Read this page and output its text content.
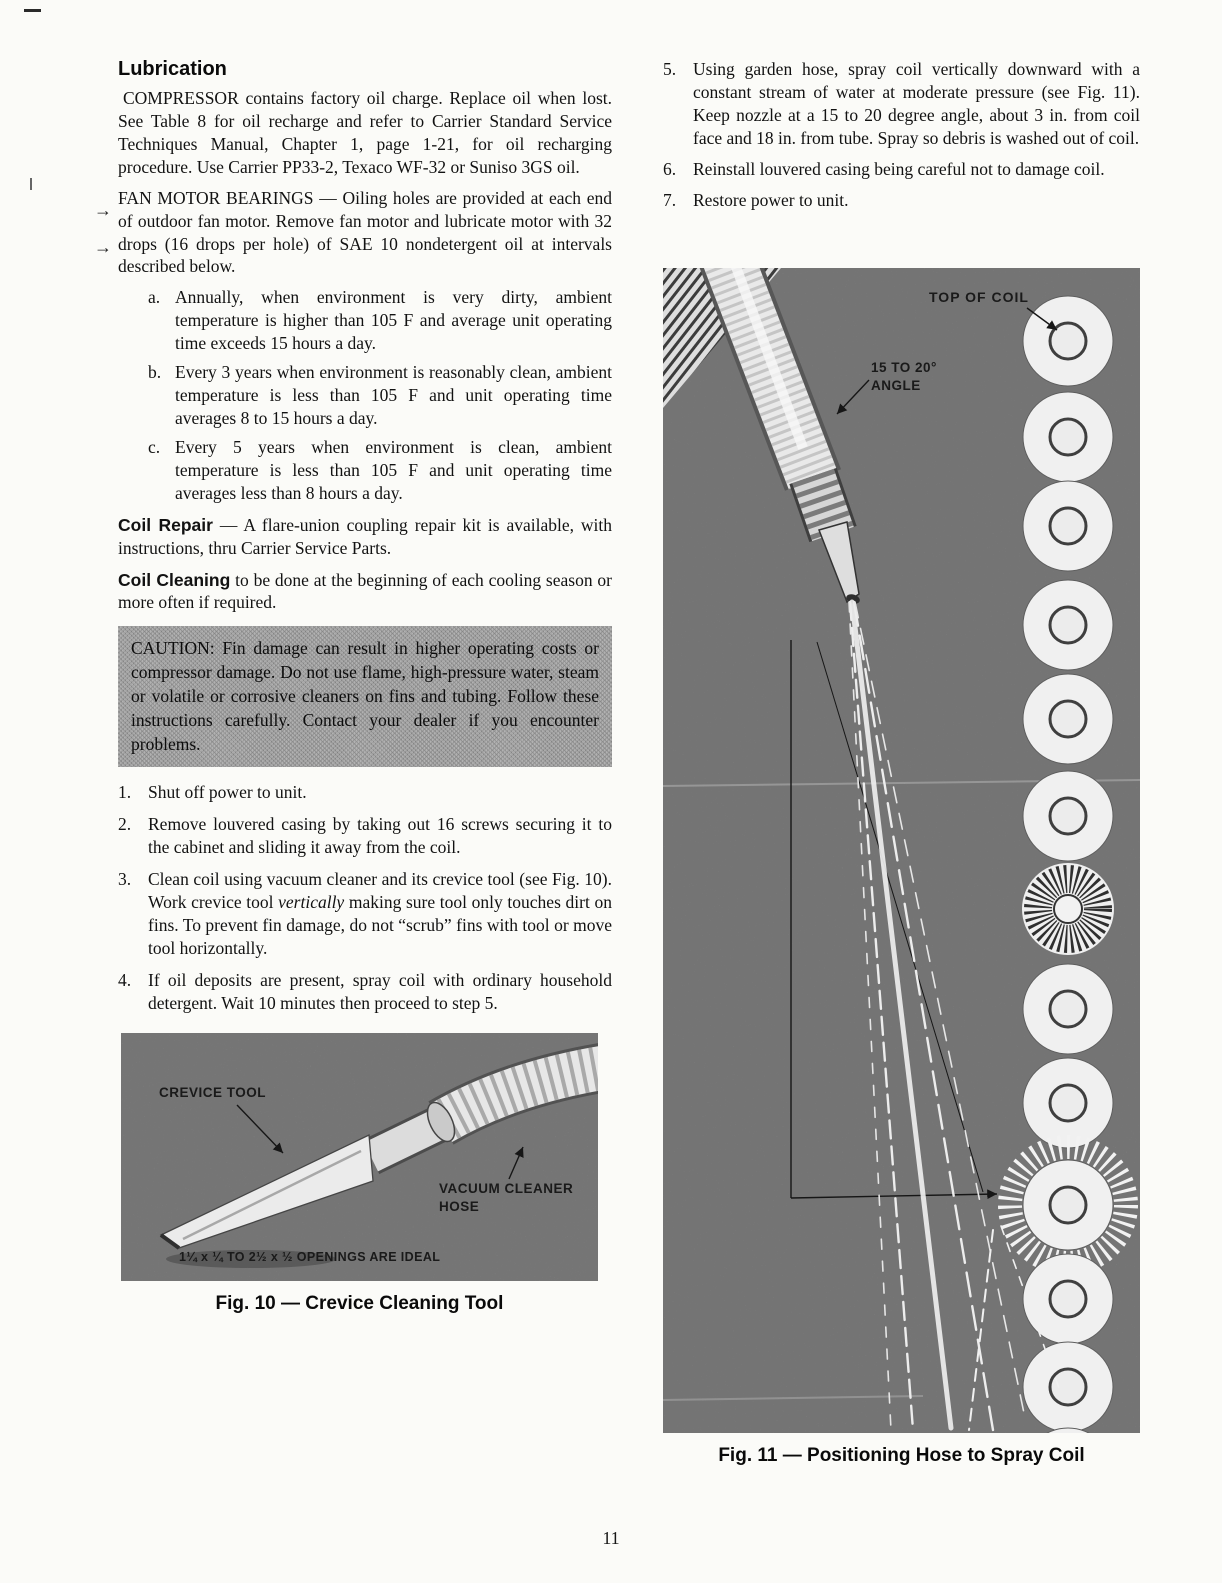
→
→
Lubrication

COMPRESSOR contains factory oil charge. Replace oil when lost. See Table 8 for oil recharge and refer to Carrier Standard Service Techniques Manual, Chapter 1, page 1-21, for oil recharging procedure. Use Carrier PP33-2, Texaco WF-32 or Suniso 3GS oil.

FAN MOTOR BEARINGS — Oiling holes are provided at each end of outdoor fan motor. Remove fan motor and lubricate motor with 32 drops (16 drops per hole) of SAE 10 nondetergent oil at intervals described below.

a. Annually, when environment is very dirty, ambient temperature is higher than 105 F and average unit operating time exceeds 15 hours a day.
b. Every 3 years when environment is reasonably clean, ambient temperature is less than 105 F and unit operating time averages 8 to 15 hours a day.
c. Every 5 years when environment is clean, ambient temperature is less than 105 F and unit operating time averages less than 8 hours a day.

Coil Repair — A flare-union coupling repair kit is available, with instructions, thru Carrier Service Parts.

Coil Cleaning to be done at the beginning of each cooling season or more often if required.

CAUTION: Fin damage can result in higher operating costs or compressor damage. Do not use flame, high-pressure water, steam or volatile or corrosive cleaners on fins and tubing. Follow these instructions carefully. Contact your dealer if you encounter problems.
1. Shut off power to unit.
2. Remove louvered casing by taking out 16 screws securing it to the cabinet and sliding it away from the coil.
3. Clean coil using vacuum cleaner and its crevice tool (see Fig. 10). Work crevice tool vertically making sure tool only touches dirt on fins. To prevent fin damage, do not “scrub” fins with tool or move tool horizontally.
4. If oil deposits are present, spray coil with ordinary household detergent. Wait 10 minutes then proceed to step 5.
CREVICE TOOL
VACUUM CLEANER
HOSE
1¼ x ¼ TO 2½ x ½ OPENINGS ARE IDEAL
Fig. 10 — Crevice Cleaning Tool
5. Using garden hose, spray coil vertically downward with a constant stream of water at moderate pressure (see Fig. 11). Keep nozzle at a 15 to 20 degree angle, about 3 in. from coil face and 18 in. from tube. Spray so debris is washed out of coil.
6. Reinstall louvered casing being careful not to damage coil.
7. Restore power to unit.
TOP OF COIL
15 TO 20°
ANGLE
Fig. 11 — Positioning Hose to Spray Coil
11
